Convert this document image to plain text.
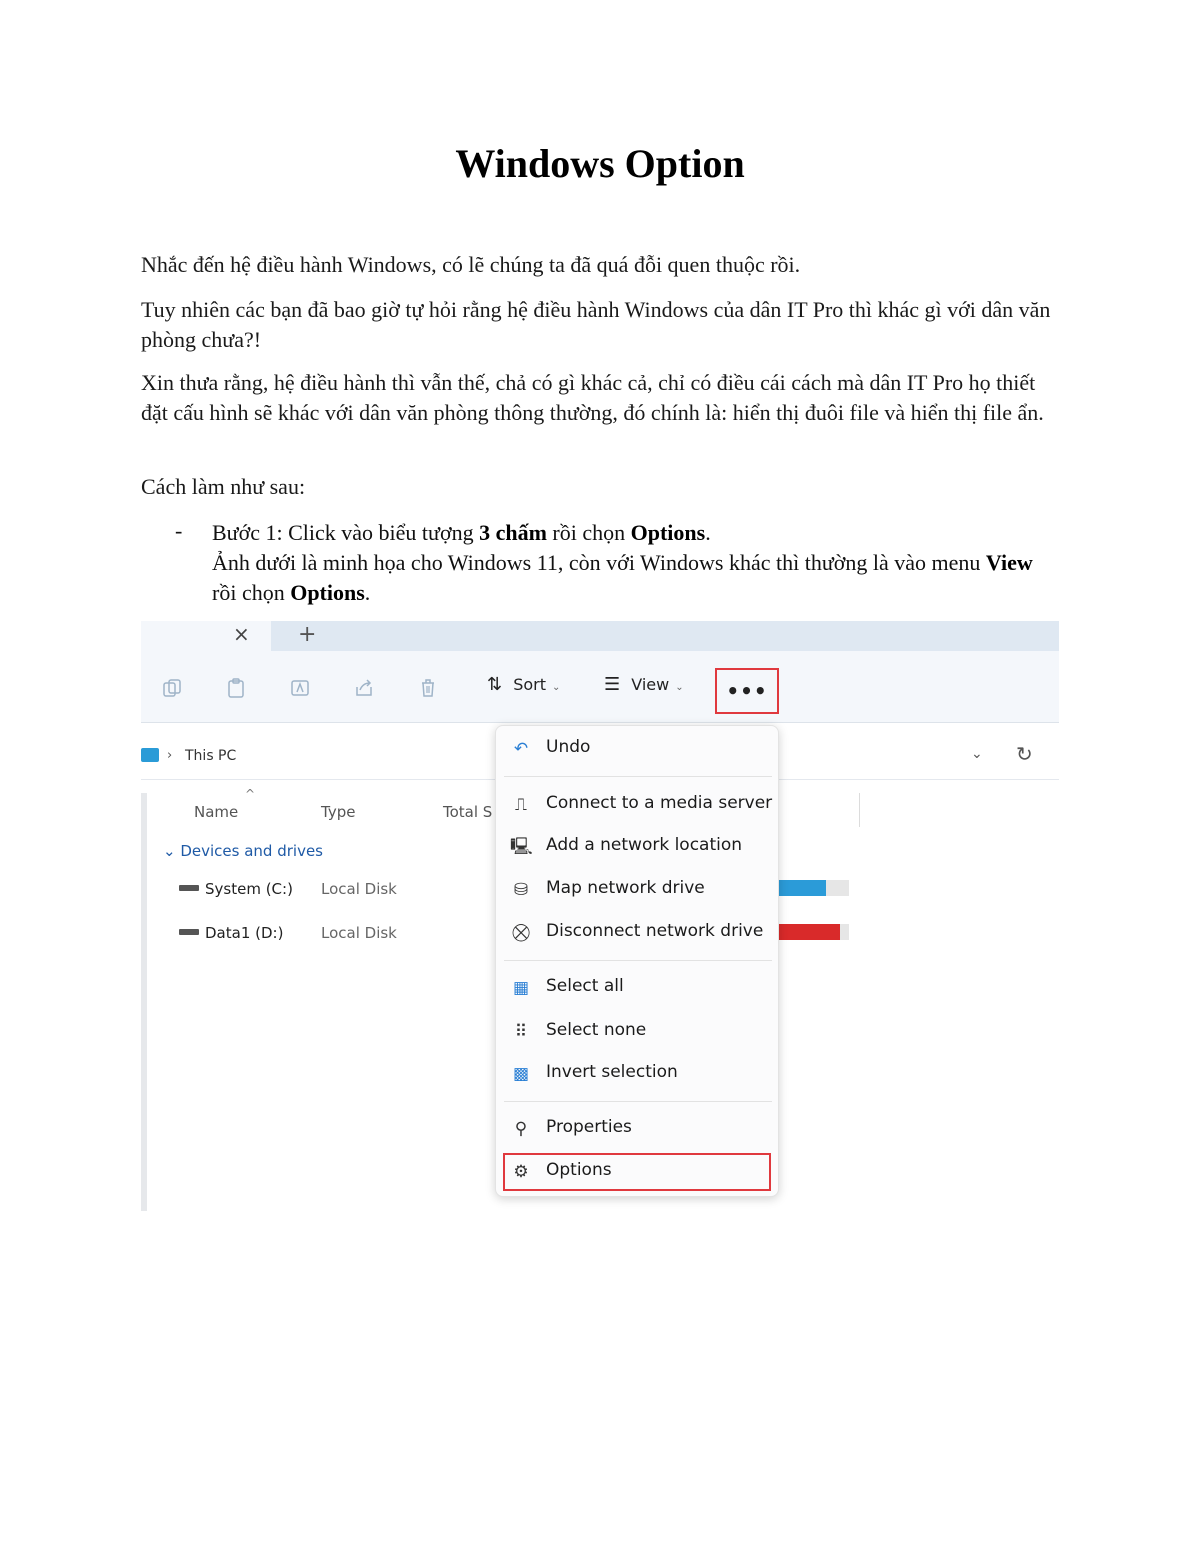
Windows Option

Nhắc đến hệ điều hành Windows, có lẽ chúng ta đã quá đỗi quen thuộc rồi.

Tuy nhiên các bạn đã bao giờ tự hỏi rằng hệ điều hành Windows của dân IT Pro thì khác gì với dân văn phòng chưa?!

Xin thưa rằng, hệ điều hành thì vẫn thế, chả có gì khác cả, chỉ có điều cái cách mà dân IT Pro họ thiết đặt cấu hình sẽ khác với dân văn phòng thông thường, đó chính là: hiển thị đuôi file và hiển thị file ẩn.

Cách làm như sau:

- Bước 1: Click vào biểu tượng 3 chấm rồi chọn Options.
Ảnh dưới là minh họa cho Windows 11, còn với Windows khác thì thường là vào menu View rồi chọn Options.
× +
⇅ Sort ⌄ ☰ View ⌄	•••
› This PC	⌄ ↻
^
Name	Type	Total S
⌄ Devices and drives
System (C:) Local Disk
Data1 (D:)	Local Disk
↶ Undo
⎍ Connect to a media server
🖳 Add a network location
⛁ Map network drive
⛒ Disconnect network drive
▦ Select all
⠿ Select none
▩ Invert selection
⚲ Properties
⚙ Options
